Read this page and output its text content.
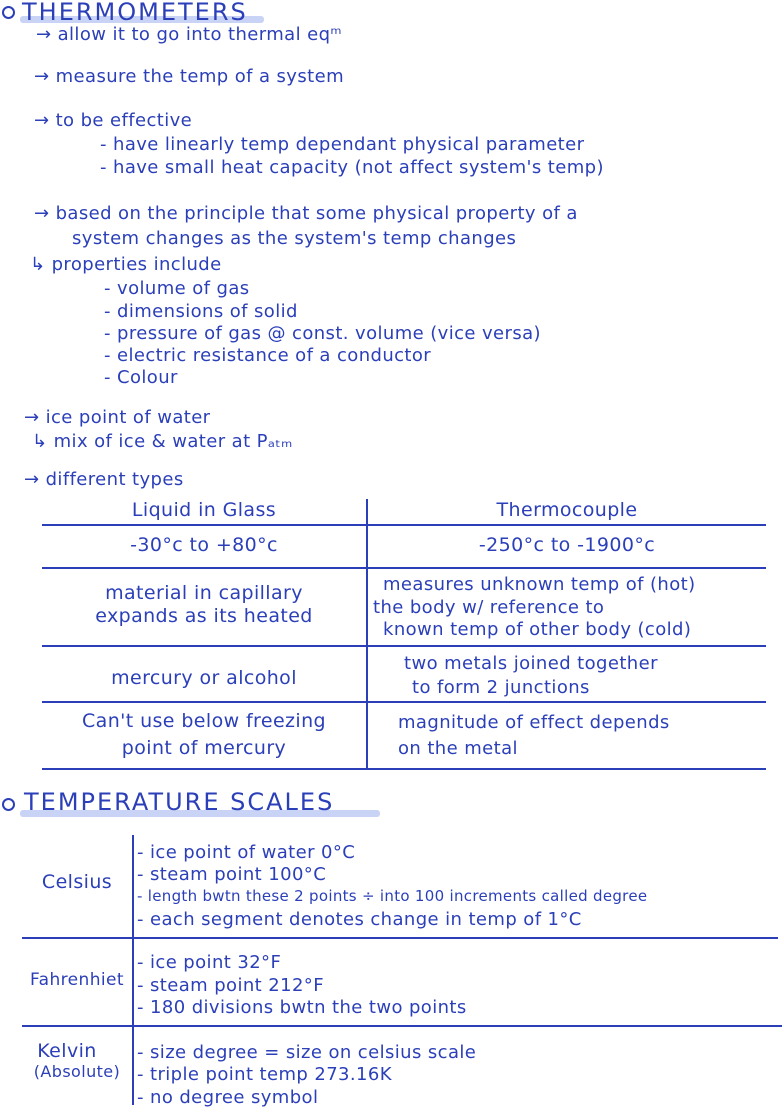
THERMOMETERS
→ allow it to go into thermal eqᵐ
→ measure the temp of a system
→ to be effective
- have linearly temp dependant physical parameter
- have small heat capacity (not affect system's temp)
→ based on the principle that some physical property of a
system changes as the system's temp changes
↳ properties include
- volume of gas
- dimensions of solid
- pressure of gas @ const. volume (vice versa)
- electric resistance of a conductor
- Colour
→ ice point of water
↳ mix of ice & water at Pₐₜₘ
→ different types
Liquid in Glass	Thermocouple
-30°c to +80°c	-250°c to -1900°c
material in capillary
expands as its heated
measures unknown temp of (hot)
the body w/ reference to
known temp of other body (cold)
mercury or alcohol
two metals joined together
to form 2 junctions
Can't use below freezing
point of mercury
magnitude of effect depends
on the metal
TEMPERATURE SCALES
Celsius
- ice point of water 0°C
- steam point 100°C
- length bwtn these 2 points ÷ into 100 increments called degree
- each segment denotes change in temp of 1°C
Fahrenhiet
- ice point 32°F
- steam point 212°F
- 180 divisions bwtn the two points
Kelvin
(Absolute)
- size degree = size on celsius scale
- triple point temp 273.16K
- no degree symbol
